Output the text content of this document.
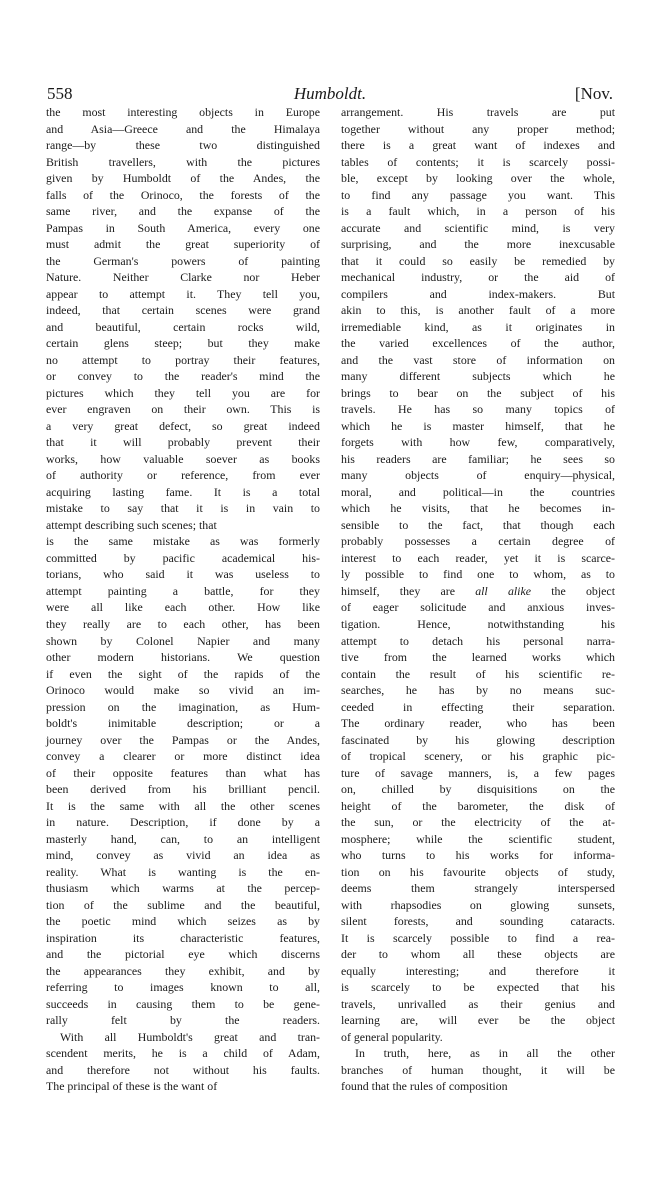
558	Humboldt.	[Nov.
the most interesting objects in Europe
and Asia—Greece and the Himalaya
range—by these two distinguished
British travellers, with the pictures
given by Humboldt of the Andes, the
falls of the Orinoco, the forests of the
same river, and the expanse of the
Pampas in South America, every one
must admit the great superiority of
the German's powers of painting
Nature. Neither Clarke nor Heber
appear to attempt it. They tell you,
indeed, that certain scenes were grand
and beautiful, certain rocks wild,
certain glens steep; but they make
no attempt to portray their features,
or convey to the reader's mind the
pictures which they tell you are for
ever engraven on their own. This is
a very great defect, so great indeed
that it will probably prevent their
works, how valuable soever as books
of authority or reference, from ever
acquiring lasting fame. It is a total
mistake to say that it is in vain to
attempt describing such scenes; that
is the same mistake as was formerly
committed by pacific academical his-
torians, who said it was useless to
attempt painting a battle, for they
were all like each other. How like
they really are to each other, has been
shown by Colonel Napier and many
other modern historians. We question
if even the sight of the rapids of the
Orinoco would make so vivid an im-
pression on the imagination, as Hum-
boldt's inimitable description; or a
journey over the Pampas or the Andes,
convey a clearer or more distinct idea
of their opposite features than what has
been derived from his brilliant pencil.
It is the same with all the other scenes
in nature. Description, if done by a
masterly hand, can, to an intelligent
mind, convey as vivid an idea as
reality. What is wanting is the en-
thusiasm which warms at the percep-
tion of the sublime and the beautiful,
the poetic mind which seizes as by
inspiration its characteristic features,
and the pictorial eye which discerns
the appearances they exhibit, and by
referring to images known to all,
succeeds in causing them to be gene-
rally felt by the readers.
With all Humboldt's great and tran-
scendent merits, he is a child of Adam,
and therefore not without his faults.
The principal of these is the want of
arrangement. His travels are put
together without any proper method;
there is a great want of indexes and
tables of contents; it is scarcely possi-
ble, except by looking over the whole,
to find any passage you want. This
is a fault which, in a person of his
accurate and scientific mind, is very
surprising, and the more inexcusable
that it could so easily be remedied by
mechanical industry, or the aid of
compilers and index-makers. But
akin to this, is another fault of a more
irremediable kind, as it originates in
the varied excellences of the author,
and the vast store of information on
many different subjects which he
brings to bear on the subject of his
travels. He has so many topics of
which he is master himself, that he
forgets with how few, comparatively,
his readers are familiar; he sees so
many objects of enquiry—physical,
moral, and political—in the countries
which he visits, that he becomes in-
sensible to the fact, that though each
probably possesses a certain degree of
interest to each reader, yet it is scarce-
ly possible to find one to whom, as to
himself, they are all alike the object
of eager solicitude and anxious inves-
tigation. Hence, notwithstanding his
attempt to detach his personal narra-
tive from the learned works which
contain the result of his scientific re-
searches, he has by no means suc-
ceeded in effecting their separation.
The ordinary reader, who has been
fascinated by his glowing description
of tropical scenery, or his graphic pic-
ture of savage manners, is, a few pages
on, chilled by disquisitions on the
height of the barometer, the disk of
the sun, or the electricity of the at-
mosphere; while the scientific student,
who turns to his works for informa-
tion on his favourite objects of study,
deems them strangely interspersed
with rhapsodies on glowing sunsets,
silent forests, and sounding cataracts.
It is scarcely possible to find a rea-
der to whom all these objects are
equally interesting; and therefore it
is scarcely to be expected that his
travels, unrivalled as their genius and
learning are, will ever be the object
of general popularity.
In truth, here, as in all the other
branches of human thought, it will be
found that the rules of composition
